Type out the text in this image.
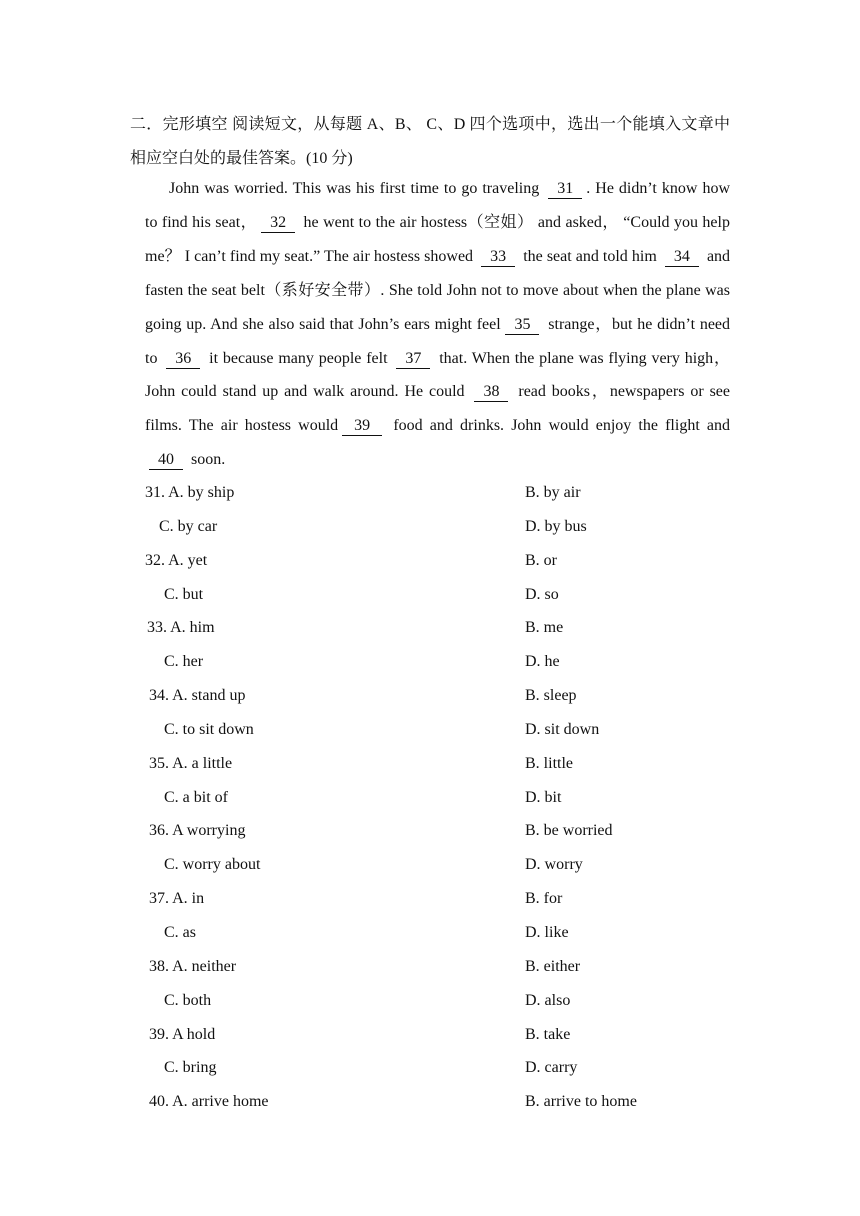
二．完形填空 阅读短文，从每题 A、B、 C、D 四个选项中，选出一个能填入文章中相应空白处的最佳答案。(10 分)
John was worried. This was his first time to go traveling 31 . He didn’t know how to find his seat， 32 he went to the air hostess（空姐） and asked， “Could you help me？ I can’t find my seat.” The air hostess showed 33 the seat and told him 34 and fasten the seat belt（系好安全带）. She told John not to move about when the plane was going up. And she also said that John’s ears might feel 35 strange，but he didn’t need to 36 it because many people felt 37 that. When the plane was flying very high， John could stand up and walk around. He could 38 read books，newspapers or see films. The air hostess would 39 food and drinks. John would enjoy the flight and 40 soon.
31. A. by ship	B. by air
C. by car	D. by bus
32. A. yet	B. or
C. but	D. so
33. A. him	B. me
C. her	D. he
34. A. stand up	B. sleep
C. to sit down	D. sit down
35. A. a little	B. little
C. a bit of	D. bit
36. A worrying	B. be worried
C. worry about	D. worry
37. A. in	B. for
C. as	D. like
38. A. neither	B. either
C. both	D. also
39. A hold	B. take
C. bring	D. carry
40. A. arrive home	B. arrive to home
